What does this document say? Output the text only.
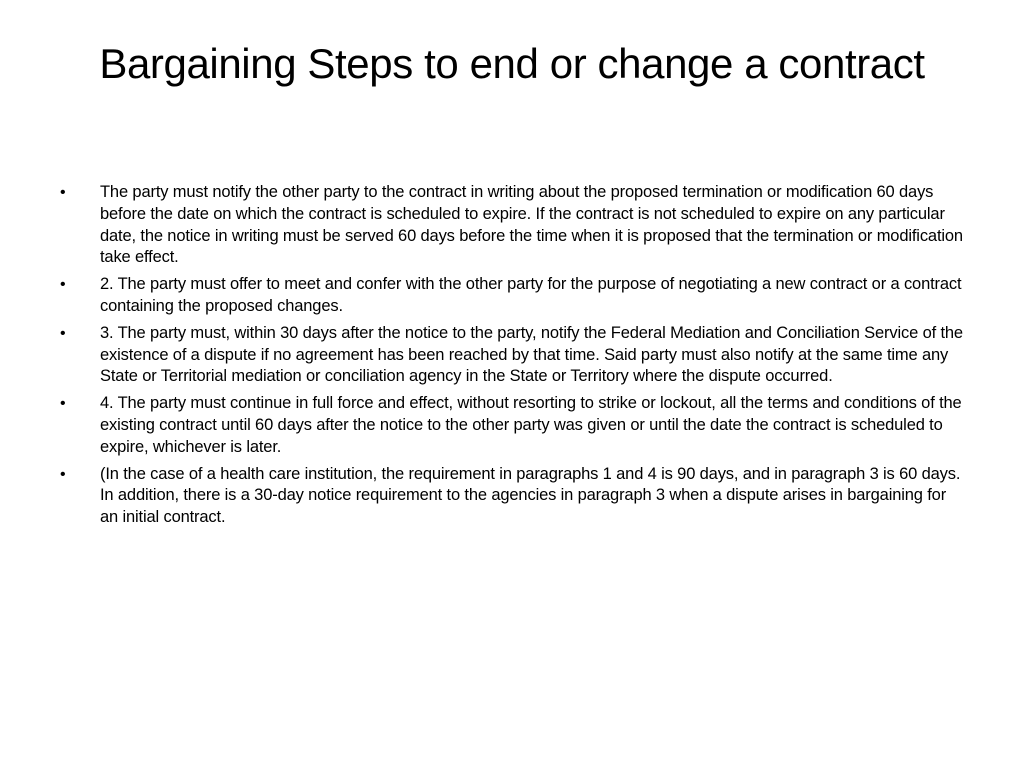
Bargaining Steps to end or change a contract
• The party must notify the other party to the contract in writing about the proposed termination or modification 60 days before the date on which the contract is scheduled to expire. If the contract is not scheduled to expire on any particular date, the notice in writing must be served 60 days before the time when it is proposed that the termination or modification take effect.
• 2. The party must offer to meet and confer with the other party for the purpose of negotiating a new contract or a contract containing the proposed changes.
• 3. The party must, within 30 days after the notice to the party, notify the Federal Mediation and Conciliation Service of the existence of a dispute if no agreement has been reached by that time. Said party must also notify at the same time any State or Territorial mediation or conciliation agency in the State or Territory where the dispute occurred.
• 4. The party must continue in full force and effect, without resorting to strike or lockout, all the terms and conditions of the existing contract until 60 days after the notice to the other party was given or until the date the contract is scheduled to expire, whichever is later.
• (In the case of a health care institution, the requirement in paragraphs 1 and 4 is 90 days, and in paragraph 3 is 60 days. In addition, there is a 30-day notice requirement to the agencies in paragraph 3 when a dispute arises in bargaining for an initial contract.
